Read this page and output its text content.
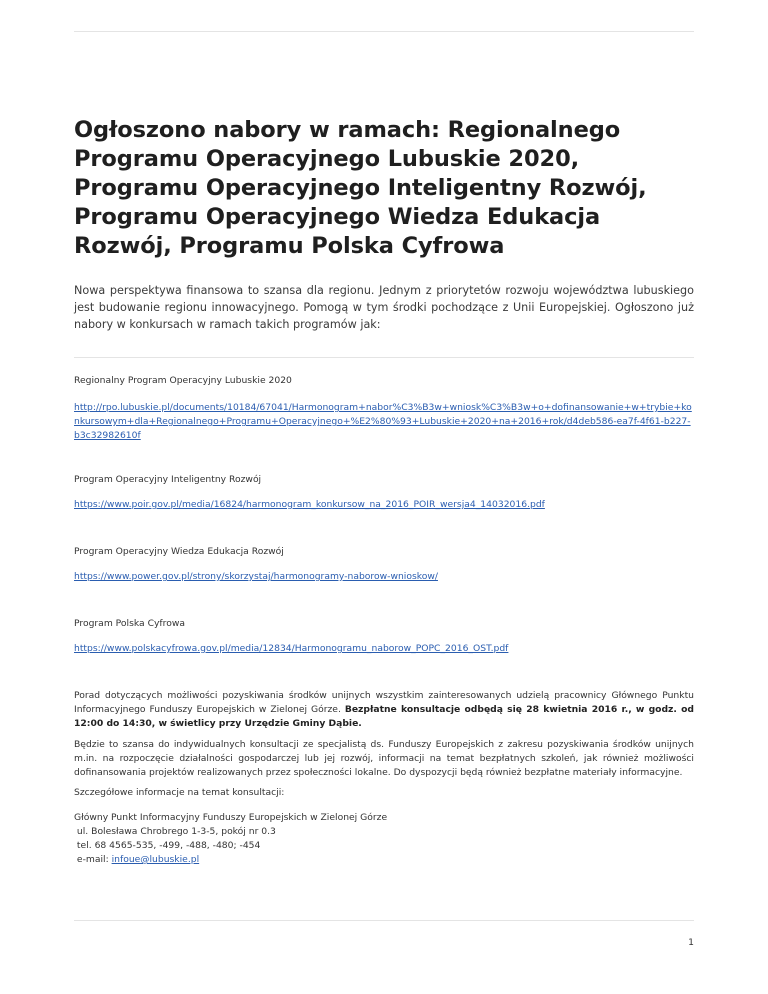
Ogłoszono nabory w ramach: Regionalnego Programu Operacyjnego Lubuskie 2020, Programu Operacyjnego Inteligentny Rozwój, Programu Operacyjnego Wiedza Edukacja Rozwój, Programu Polska Cyfrowa

Nowa perspektywa finansowa to szansa dla regionu. Jednym z priorytetów rozwoju województwa lubuskiego jest budowanie regionu innowacyjnego. Pomogą w tym środki pochodzące z Unii Europejskiej. Ogłoszono już nabory w konkursach w ramach takich programów jak:

Regionalny Program Operacyjny Lubuskie 2020

http://rpo.lubuskie.pl/documents/10184/67041/Harmonogram+nabor%C3%B3w+wniosk%C3%B3w+o+dofinansowanie+w+trybie+konkursowym+dla+Regionalnego+Programu+Operacyjnego+%E2%80%93+Lubuskie+2020+na+2016+rok/d4deb586-ea7f-4f61-b227-b3c32982610f

Program Operacyjny Inteligentny Rozwój

https://www.poir.gov.pl/media/16824/harmonogram_konkursow_na_2016_POIR_wersja4_14032016.pdf

Program Operacyjny Wiedza Edukacja Rozwój

https://www.power.gov.pl/strony/skorzystaj/harmonogramy-naborow-wnioskow/

Program Polska Cyfrowa

https://www.polskacyfrowa.gov.pl/media/12834/Harmonogramu_naborow_POPC_2016_OST.pdf

Porad dotyczących możliwości pozyskiwania środków unijnych wszystkim zainteresowanych udzielą pracownicy Głównego Punktu Informacyjnego Funduszy Europejskich w Zielonej Górze. Bezpłatne konsultacje odbędą się 28 kwietnia 2016 r., w godz. od 12:00 do 14:30, w świetlicy przy Urzędzie Gminy Dąbie.

Będzie to szansa do indywidualnych konsultacji ze specjalistą ds. Funduszy Europejskich z zakresu pozyskiwania środków unijnych m.in. na rozpoczęcie działalności gospodarczej lub jej rozwój, informacji na temat bezpłatnych szkoleń, jak również możliwości dofinansowania projektów realizowanych przez społeczności lokalne. Do dyspozycji będą również bezpłatne materiały informacyjne.

Szczegółowe informacje na temat konsultacji:

Główny Punkt Informacyjny Funduszy Europejskich w Zielonej Górze
ul. Bolesława Chrobrego 1-3-5, pokój nr 0.3
tel. 68 4565-535, -499, -488, -480; -454
e-mail: infoue@lubuskie.pl
1
